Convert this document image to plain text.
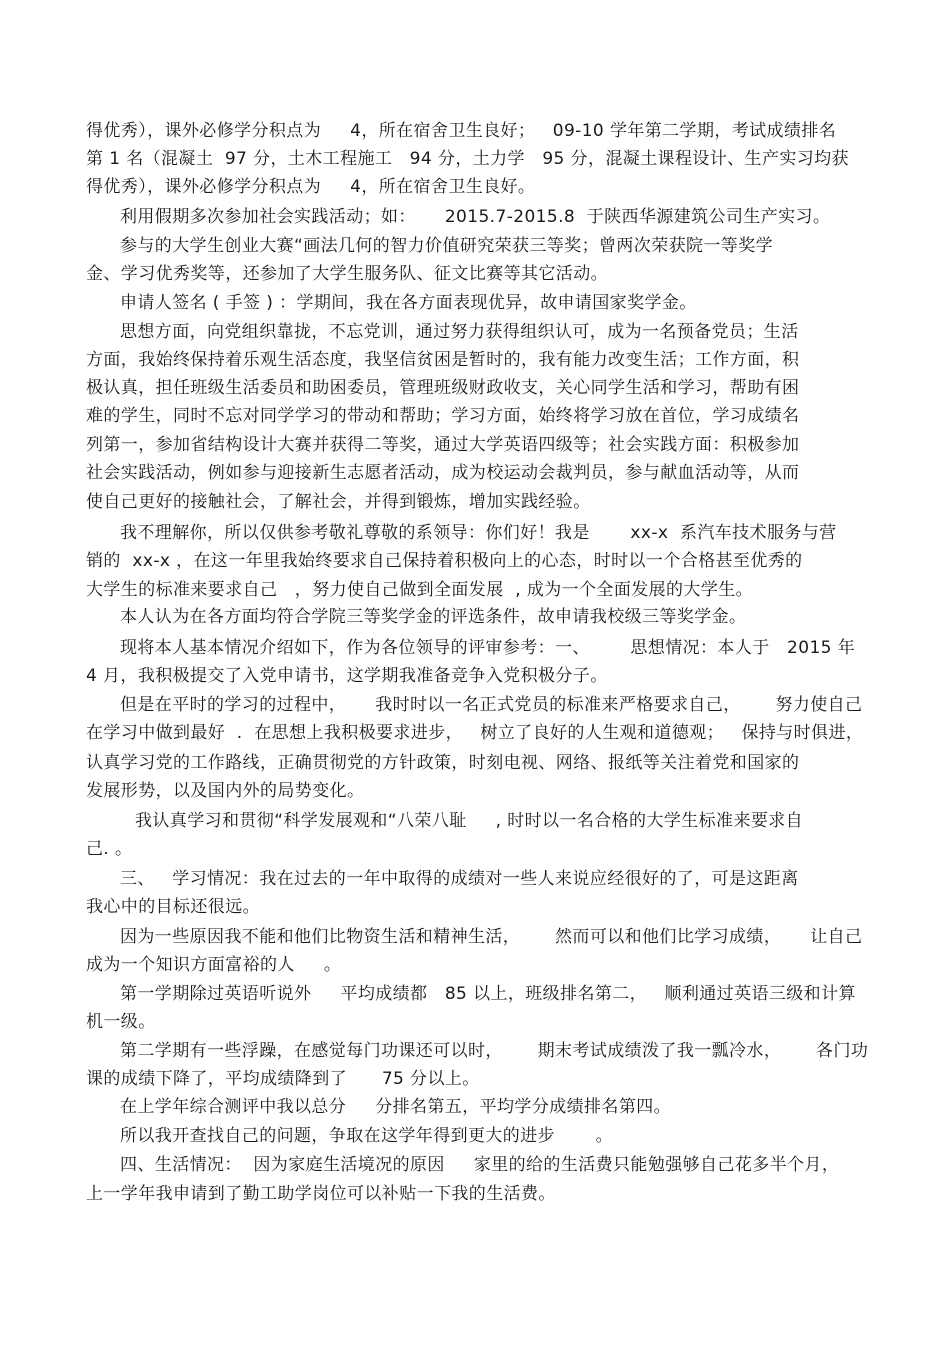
得优秀），课外必修学分积点为     4，所在宿舍卫生良好；   09-10 学年第二学期，考试成绩排名
第 1 名（混凝土  97 分，土木工程施工   94 分，土力学   95 分，混凝土课程设计、生产实习均获
得优秀），课外必修学分积点为     4，所在宿舍卫生良好。
利用假期多次参加社会实践活动；如：     2015.7-2015.8  于陕西华源建筑公司生产实习。
参与的大学生创业大赛“画法几何的智力价值研究荣获三等奖；曾两次荣获院一等奖学
金、学习优秀奖等，还参加了大学生服务队、征文比赛等其它活动。
申请人签名 ( 手签 ) ：学期间，我在各方面表现优异，故申请国家奖学金。
思想方面，向党组织靠拢，不忘党训，通过努力获得组织认可，成为一名预备党员；生活
方面，我始终保持着乐观生活态度，我坚信贫困是暂时的，我有能力改变生活；工作方面，积
极认真，担任班级生活委员和助困委员，管理班级财政收支，关心同学生活和学习，帮助有困
难的学生，同时不忘对同学学习的带动和帮助；学习方面，始终将学习放在首位，学习成绩名
列第一，参加省结构设计大赛并获得二等奖，通过大学英语四级等；社会实践方面：积极参加
社会实践活动，例如参与迎接新生志愿者活动，成为校运动会裁判员，参与献血活动等，从而
使自己更好的接触社会，了解社会，并得到锻炼，增加实践经验。
我不理解你，所以仅供参考敬礼尊敬的系领导：你们好！我是       xx-x  系汽车技术服务与营
销的  xx-x ，在这一年里我始终要求自己保持着积极向上的心态，时时以一个合格甚至优秀的
大学生的标准来要求自己   ，努力使自己做到全面发展  , 成为一个全面发展的大学生。
本人认为在各方面均符合学院三等奖学金的评选条件，故申请我校级三等奖学金。
现将本人基本情况介绍如下，作为各位领导的评审参考：一、       思想情况：本人于   2015 年
4 月，我积极提交了入党申请书，这学期我准备竞争入党积极分子。
但是在平时的学习的过程中，     我时时以一名正式党员的标准来严格要求自己，      努力使自己
在学习中做到最好  .  在思想上我积极要求进步，   树立了良好的人生观和道德观；   保持与时俱进，
认真学习党的工作路线，正确贯彻党的方针政策，时刻电视、网络、报纸等关注着党和国家的
发展形势，以及国内外的局势变化。
我认真学习和贯彻“科学发展观和“八荣八耻     , 时时以一名合格的大学生标准来要求自
己. 。
三、   学习情况：我在过去的一年中取得的成绩对一些人来说应经很好的了，可是这距离
我心中的目标还很远。
因为一些原因我不能和他们比物资生活和精神生活，      然而可以和他们比学习成绩，     让自己
成为一个知识方面富裕的人     。
第一学期除过英语听说外     平均成绩都   85 以上，班级排名第二，   顺利通过英语三级和计算
机一级。
第二学期有一些浮躁，在感觉每门功课还可以时，      期末考试成绩泼了我一瓢冷水，      各门功
课的成绩下降了，平均成绩降到了      75 分以上。
在上学年综合测评中我以总分     分排名第五，平均学分成绩排名第四。
所以我开查找自己的问题，争取在这学年得到更大的进步       。
四、生活情况：  因为家庭生活境况的原因     家里的给的生活费只能勉强够自己花多半个月，
上一学年我申请到了勤工助学岗位可以补贴一下我的生活费。
